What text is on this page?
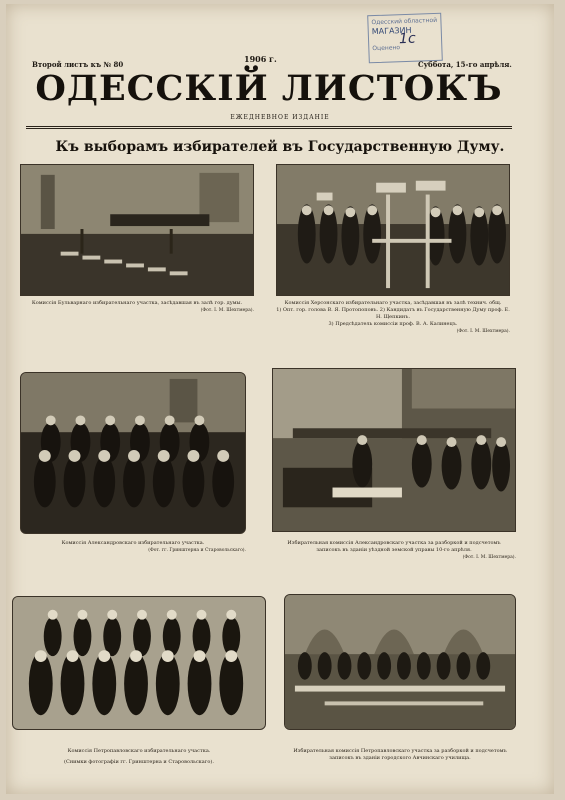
Одесский областной
МАГАЗИН
Оценено
1с
Второй листъ къ № 80
1906 г.
Суббота, 15-го апрѣля.
ОДЕССКІЙ ЛИСТОКЪ
ЕЖЕДНЕВНОЕ ИЗДАНІЕ
Къ выборамъ избирателей въ Государственную Думу.
Комиссія Бульварнаго избирательнаго участка, засѣдавшая въ залѣ гор. думы.
(Фот. І. М. Шехтмера).
Комиссія Херсонскаго избирательнаго участка, засѣдавшая въ залѣ технич. общ.
1) Опт. гор. голова В. Я. Протопоповъ. 2) Кандидатъ въ Государственную Думу проф. Е. Н. Щепкинъ.
3) Предсѣдатель комиссіи проф. В. А. Калинецъ.
(Фот. І. М. Шехтмера).
Комиссія Александровскаго избирательнаго участка.
(Фот. гг. Гринштерна и Старовольскаго).
Избирательная комиссія Александровскаго участка за разборкой и подсчетомъ
записокъ въ зданіи уѣздной земской управы 10-го апрѣля.
(Фот. І. М. Шехтмера).
Комиссія Петропавловскаго избирательнаго участка.
(Снимки фотографіи гг. Гринштерна и Старовольскаго).
Избирательная комиссія Петропавловскаго участка за разборкой и подсчетомъ
записокъ въ зданіи городского Авчинскаго училища.
